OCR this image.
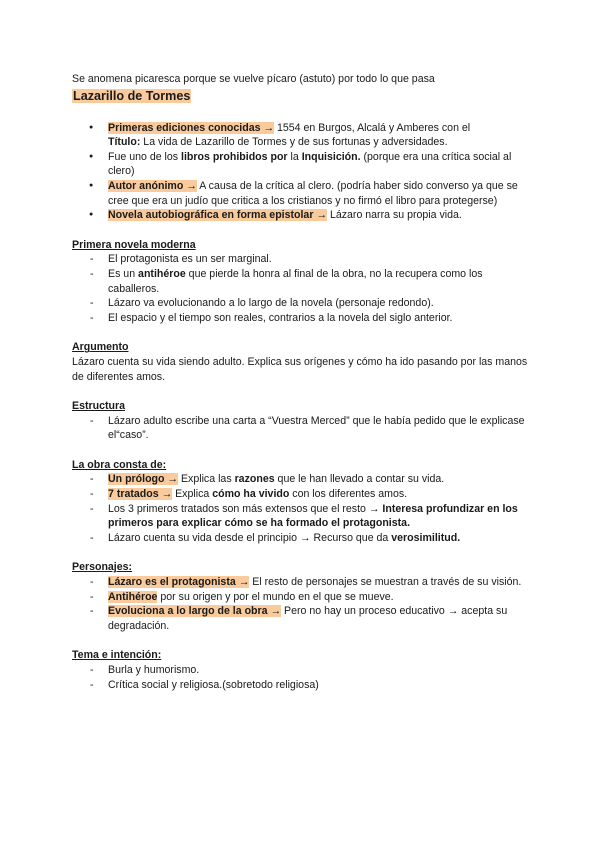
Se anomena picaresca porque se vuelve pícaro (astuto) por todo lo que pasa

Lazarillo de Tormes
● Primeras ediciones conocidas → 1554 en Burgos, Alcalá y Amberes con el
Título: La vida de Lazarillo de Tormes y de sus fortunas y adversidades.
● Fue uno de los libros prohibidos por la Inquisición. (porque era una crítica social al clero)
● Autor anónimo → A causa de la crítica al clero. (podría haber sido converso ya que se cree que era un judío que critica a los cristianos y no firmó el libro para protegerse)
● Novela autobiográfica en forma epistolar → Lázaro narra su propia vida.

Primera novela moderna

- El protagonista es un ser marginal.
- Es un antihéroe que pierde la honra al final de la obra, no la recupera como los caballeros.
- Lázaro va evolucionando a lo largo de la novela (personaje redondo).
- El espacio y el tiempo son reales, contrarios a la novela del siglo anterior.

Argumento

Lázaro cuenta su vida siendo adulto. Explica sus orígenes y cómo ha ido pasando por las manos de diferentes amos.

Estructura

- Lázaro adulto escribe una carta a “Vuestra Merced” que le había pedido que le explicase el“caso”.

La obra consta de:

- Un prólogo → Explica las razones que le han llevado a contar su vida.
- 7 tratados → Explica cómo ha vivido con los diferentes amos.
- Los 3 primeros tratados son más extensos que el resto → Interesa profundizar en los primeros para explicar cómo se ha formado el protagonista.
- Lázaro cuenta su vida desde el principio → Recurso que da verosimilitud.

Personajes:

- Lázaro es el protagonista → El resto de personajes se muestran a través de su visión.
- Antihéroe por su origen y por el mundo en el que se mueve.
- Evoluciona a lo largo de la obra → Pero no hay un proceso educativo → acepta su degradación.

Tema e intención:

- Burla y humorismo.
- Crítica social y religiosa.(sobretodo religiosa)
